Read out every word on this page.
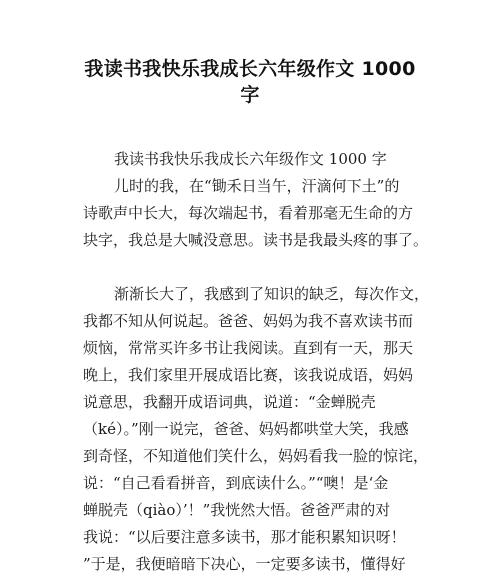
我读书我快乐我成长六年级作文 1000
字
我读书我快乐我成长六年级作文 1000 字
儿时的我，在“锄禾日当午，汗滴何下土”的
诗歌声中长大，每次端起书，看着那毫无生命的方
块字，我总是大喊没意思。读书是我最头疼的事了。
渐渐长大了，我感到了知识的缺乏，每次作文，
我都不知从何说起。爸爸、妈妈为我不喜欢读书而
烦恼，常常买许多书让我阅读。直到有一天，那天
晚上，我们家里开展成语比赛，该我说成语，妈妈
说意思，我翻开成语词典，说道：“金蝉脱壳
（ké）。”刚一说完，爸爸、妈妈都哄堂大笑，我感
到奇怪，不知道他们笑什么，妈妈看我一脸的惊诧，
说：“自己看看拼音，到底读什么。”“噢！是‘金
蝉脱壳（qiào）’！”我恍然大悟。爸爸严肃的对
我说：“以后要注意多读书，那才能积累知识呀！
”于是，我便暗暗下决心，一定要多读书，懂得好
